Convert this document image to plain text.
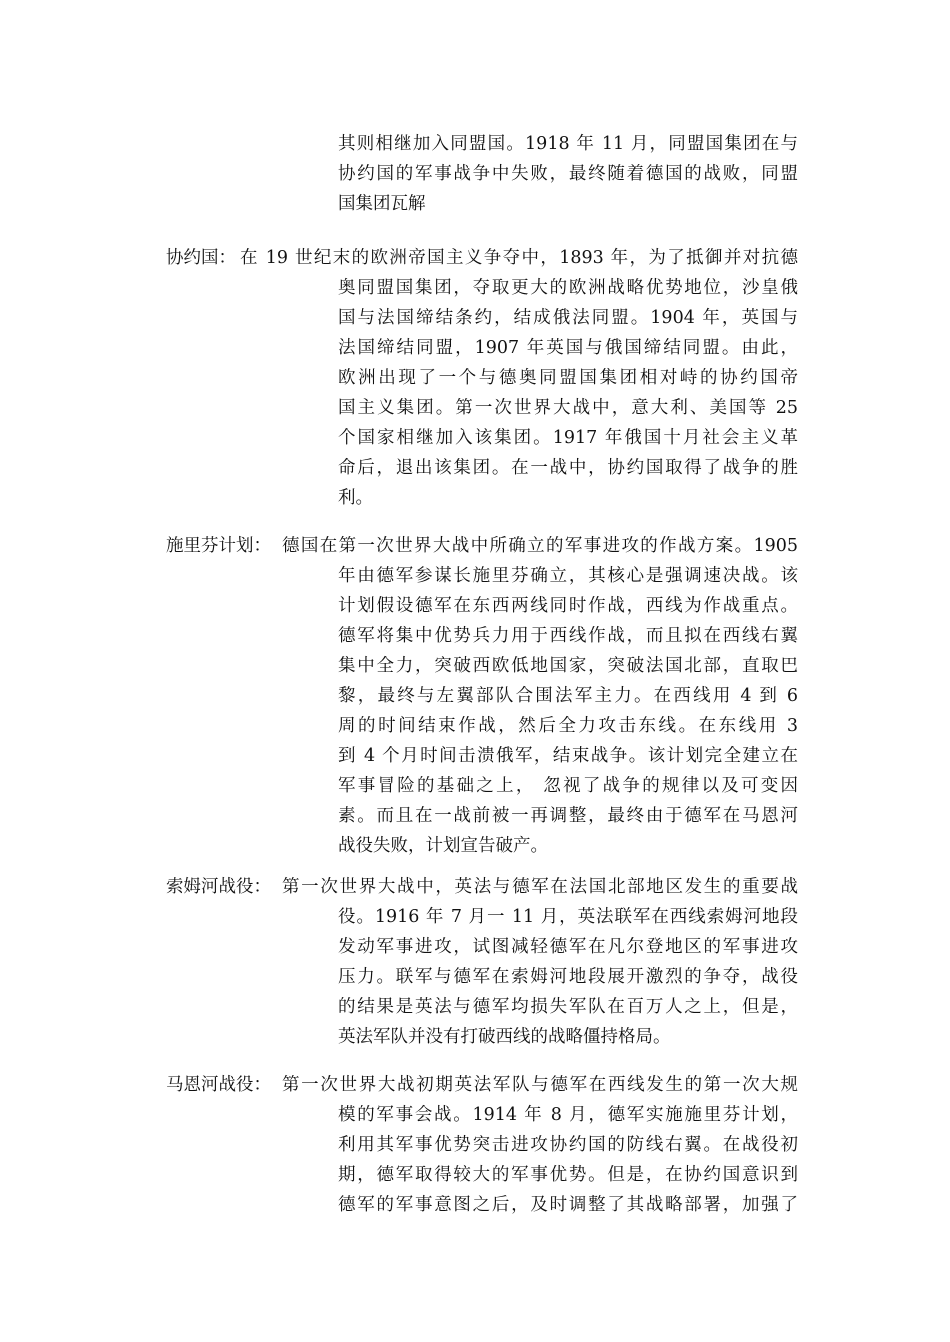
其则相继加入同盟国。1918 年 11 月，同盟国集团在与
协约国的军事战争中失败，最终随着德国的战败，同盟
国集团瓦解
协约国： 在 19 世纪末的欧洲帝国主义争夺中，1893 年，为了抵御并对抗德
奥同盟国集团，夺取更大的欧洲战略优势地位，沙皇俄
国与法国缔结条约，结成俄法同盟。1904 年，英国与
法国缔结同盟，1907 年英国与俄国缔结同盟。由此，
欧洲出现了一个与德奥同盟国集团相对峙的协约国帝
国主义集团。第一次世界大战中，意大利、美国等 25
个国家相继加入该集团。1917 年俄国十月社会主义革
命后，退出该集团。在一战中，协约国取得了战争的胜
利。
施里芬计划： 德国在第一次世界大战中所确立的军事进攻的作战方案。1905
年由德军参谋长施里芬确立，其核心是强调速决战。该
计划假设德军在东西两线同时作战，西线为作战重点。
德军将集中优势兵力用于西线作战，而且拟在西线右翼
集中全力，突破西欧低地国家，突破法国北部，直取巴
黎，最终与左翼部队合围法军主力。在西线用 4 到 6
周的时间结束作战，然后全力攻击东线。在东线用 3
到 4 个月时间击溃俄军，结束战争。该计划完全建立在
军事冒险的基础之上， 忽视了战争的规律以及可变因
素。而且在一战前被一再调整，最终由于德军在马恩河
战役失败，计划宣告破产。
索姆河战役： 第一次世界大战中，英法与德军在法国北部地区发生的重要战
役。1916 年 7 月一 11 月，英法联军在西线索姆河地段
发动军事进攻，试图减轻德军在凡尔登地区的军事进攻
压力。联军与德军在索姆河地段展开激烈的争夺，战役
的结果是英法与德军均损失军队在百万人之上，但是，
英法军队并没有打破西线的战略僵持格局。
马恩河战役： 第一次世界大战初期英法军队与德军在西线发生的第一次大规
模的军事会战。1914 年 8 月，德军实施施里芬计划，
利用其军事优势突击进攻协约国的防线右翼。在战役初
期，德军取得较大的军事优势。但是，在协约国意识到
德军的军事意图之后，及时调整了其战略部署，加强了
